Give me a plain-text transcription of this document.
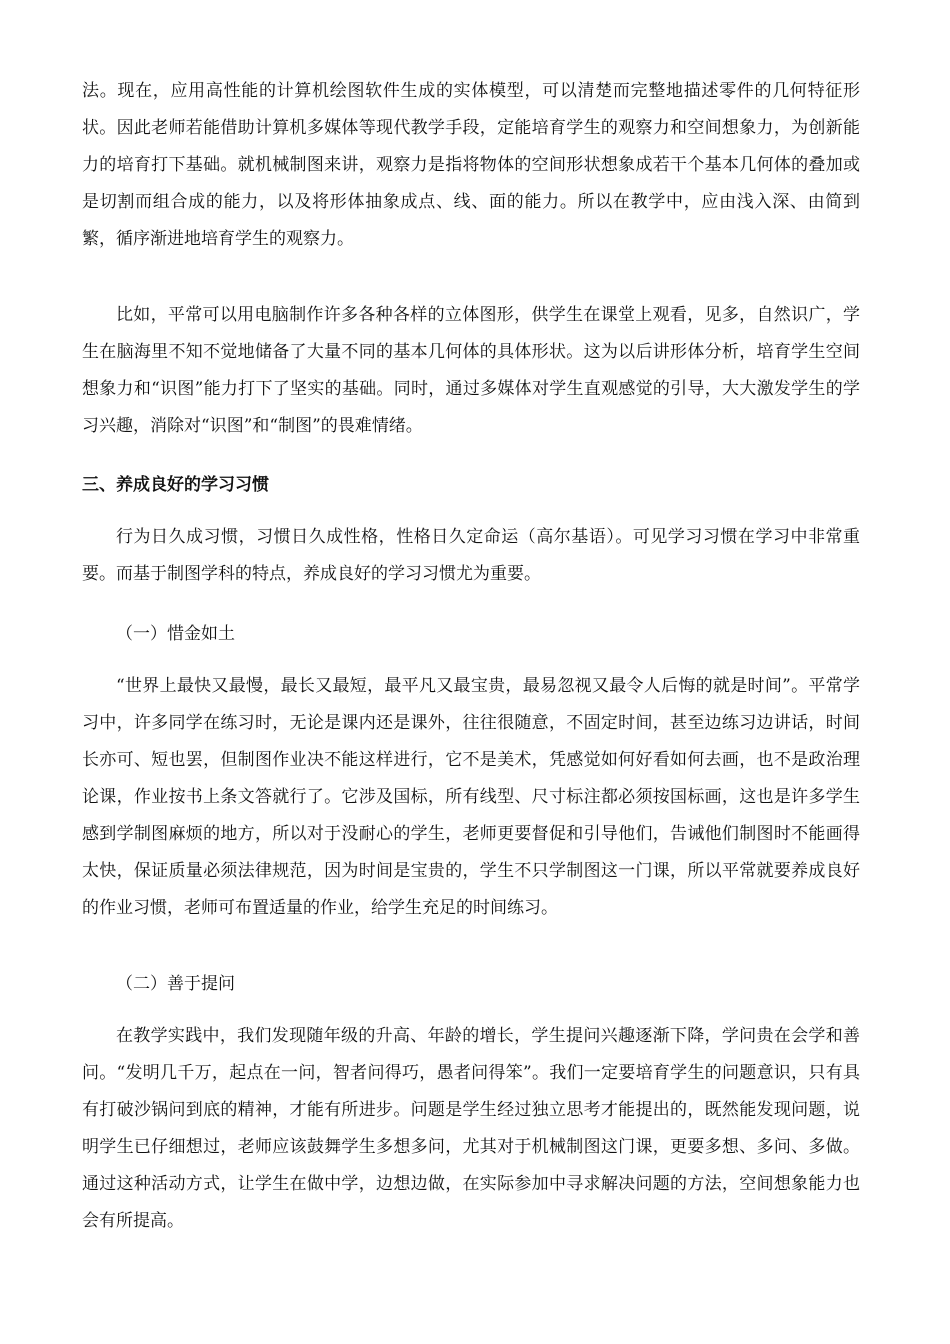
法。现在，应用高性能的计算机绘图软件生成的实体模型，可以清楚而完整地描述零件的几何特征形状。因此老师若能借助计算机多媒体等现代教学手段，定能培育学生的观察力和空间想象力，为创新能力的培育打下基础。就机械制图来讲，观察力是指将物体的空间形状想象成若干个基本几何体的叠加或是切割而组合成的能力，以及将形体抽象成点、线、面的能力。所以在教学中，应由浅入深、由简到繁，循序渐进地培育学生的观察力。

比如，平常可以用电脑制作许多各种各样的立体图形，供学生在课堂上观看，见多，自然识广，学生在脑海里不知不觉地储备了大量不同的基本几何体的具体形状。这为以后讲形体分析，培育学生空间想象力和“识图”能力打下了坚实的基础。同时，通过多媒体对学生直观感觉的引导，大大激发学生的学习兴趣，消除对“识图”和“制图”的畏难情绪。

三、养成良好的学习习惯

行为日久成习惯，习惯日久成性格，性格日久定命运（高尔基语）。可见学习习惯在学习中非常重要。而基于制图学科的特点，养成良好的学习习惯尤为重要。

（一）惜金如土

“世界上最快又最慢，最长又最短，最平凡又最宝贵，最易忽视又最令人后悔的就是时间”。平常学习中，许多同学在练习时，无论是课内还是课外，往往很随意，不固定时间，甚至边练习边讲话，时间长亦可、短也罢，但制图作业决不能这样进行，它不是美术，凭感觉如何好看如何去画，也不是政治理论课，作业按书上条文答就行了。它涉及国标，所有线型、尺寸标注都必须按国标画，这也是许多学生感到学制图麻烦的地方，所以对于没耐心的学生，老师更要督促和引导他们，告诫他们制图时不能画得太快，保证质量必须法律规范，因为时间是宝贵的，学生不只学制图这一门课，所以平常就要养成良好的作业习惯，老师可布置适量的作业，给学生充足的时间练习。

（二）善于提问

在教学实践中，我们发现随年级的升高、年龄的增长，学生提问兴趣逐渐下降，学问贵在会学和善问。“发明几千万，起点在一问，智者问得巧，愚者问得笨”。我们一定要培育学生的问题意识，只有具有打破沙锅问到底的精神，才能有所进步。问题是学生经过独立思考才能提出的，既然能发现问题，说明学生已仔细想过，老师应该鼓舞学生多想多问，尤其对于机械制图这门课，更要多想、多问、多做。通过这种活动方式，让学生在做中学，边想边做，在实际参加中寻求解决问题的方法，空间想象能力也会有所提高。
